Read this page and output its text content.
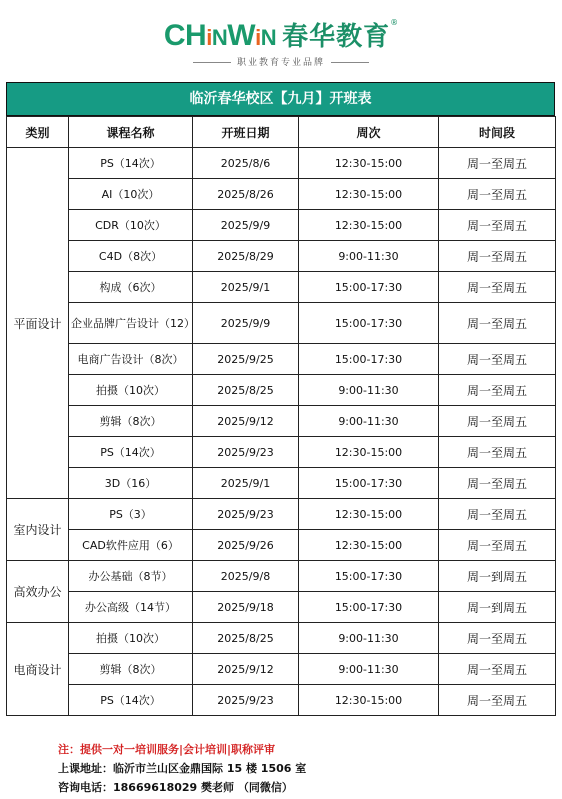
CHiNWiN 春华教育®
职业教育专业品牌
临沂春华校区【九月】开班表
类别	课程名称	开班日期	周次	时间段
平面设计	PS（14次）	2025/8/6	12:30-15:00	周一至周五
	AI（10次）	2025/8/26	12:30-15:00	周一至周五
	CDR（10次）	2025/9/9	12:30-15:00	周一至周五
	C4D（8次）	2025/8/29	9:00-11:30	周一至周五
	构成（6次）	2025/9/1	15:00-17:30	周一至周五
	企业品牌广告设计（12）	2025/9/9	15:00-17:30	周一至周五
	电商广告设计（8次）	2025/9/25	15:00-17:30	周一至周五
	拍摄（10次）	2025/8/25	9:00-11:30	周一至周五
	剪辑（8次）	2025/9/12	9:00-11:30	周一至周五
	PS（14次）	2025/9/23	12:30-15:00	周一至周五
	3D（16）	2025/9/1	15:00-17:30	周一至周五
室内设计	PS（3）	2025/9/23	12:30-15:00	周一至周五
	CAD软件应用（6）	2025/9/26	12:30-15:00	周一至周五
高效办公	办公基础（8节）	2025/9/8	15:00-17:30	周一到周五
	办公高级（14节）	2025/9/18	15:00-17:30	周一到周五
电商设计	拍摄（10次）	2025/8/25	9:00-11:30	周一至周五
	剪辑（8次）	2025/9/12	9:00-11:30	周一至周五
	PS（14次）	2025/9/23	12:30-15:00	周一至周五
注：提供一对一培训服务|会计培训|职称评审
上课地址：临沂市兰山区金鼎国际 15 楼 1506 室
咨询电话：18669618029 樊老师 （同微信）
